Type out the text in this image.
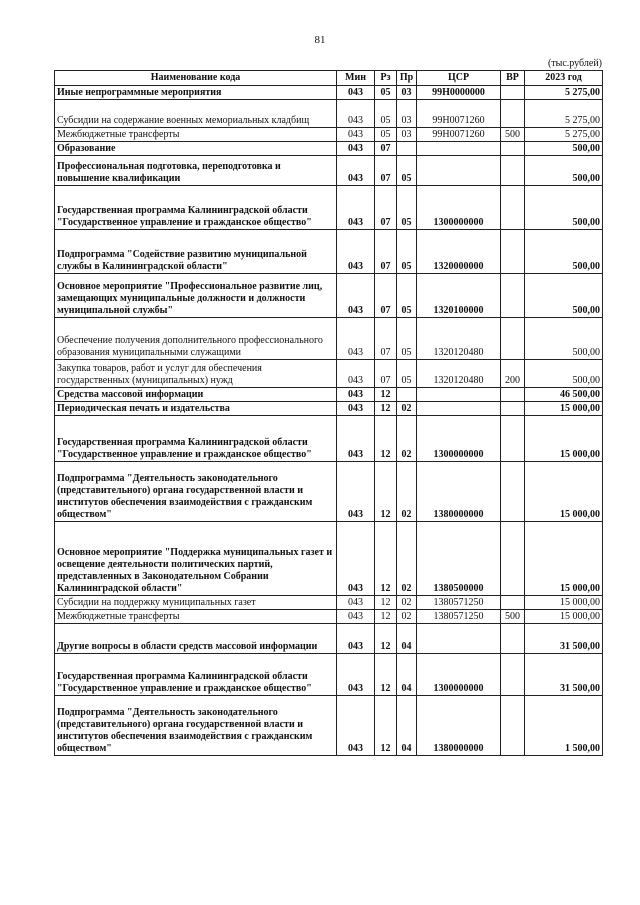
81
(тыс.рублей)
Наименование кода	Мин	Рз	Пр	ЦСР	ВР	2023 год
Иные непрограммные мероприятия	043	05	03	99Н0000000		5 275,00
Субсидии на содержание военных мемориальных кладбищ	043	05	03	99Н0071260		5 275,00
Межбюджетные трансферты	043	05	03	99Н0071260	500	5 275,00
Образование	043	07				500,00
Профессиональная подготовка, переподготовка и повышение квалификации	043	07	05			500,00
Государственная программа Калининградской области "Государственное управление и гражданское общество"	043	07	05	1300000000		500,00
Подпрограмма "Содействие развитию муниципальной службы в Калининградской области"	043	07	05	1320000000		500,00
Основное мероприятие "Профессиональное развитие лиц, замещающих муниципальные должности и должности муниципальной службы"	043	07	05	1320100000		500,00
Обеспечение получения дополнительного профессионального образования муниципальными служащими	043	07	05	1320120480		500,00
Закупка товаров, работ и услуг для обеспечения государственных (муниципальных) нужд	043	07	05	1320120480	200	500,00
Средства массовой информации	043	12				46 500,00
Периодическая печать и издательства	043	12	02			15 000,00
Государственная программа Калининградской области "Государственное управление и гражданское общество"	043	12	02	1300000000		15 000,00
Подпрограмма "Деятельность законодательного (представительного) органа государственной власти и институтов обеспечения взаимодействия с гражданским обществом"	043	12	02	1380000000		15 000,00
Основное мероприятие "Поддержка муниципальных газет и освещение деятельности политических партий, представленных в Законодательном Собрании Калининградской области"	043	12	02	1380500000		15 000,00
Субсидии на поддержку муниципальных газет	043	12	02	1380571250		15 000,00
Межбюджетные трансферты	043	12	02	1380571250	500	15 000,00
Другие вопросы в области средств массовой информации	043	12	04			31 500,00
Государственная программа Калининградской области "Государственное управление и гражданское общество"	043	12	04	1300000000		31 500,00
Подпрограмма "Деятельность законодательного (представительного) органа государственной власти и институтов обеспечения взаимодействия с гражданским обществом"	043	12	04	1380000000		1 500,00
